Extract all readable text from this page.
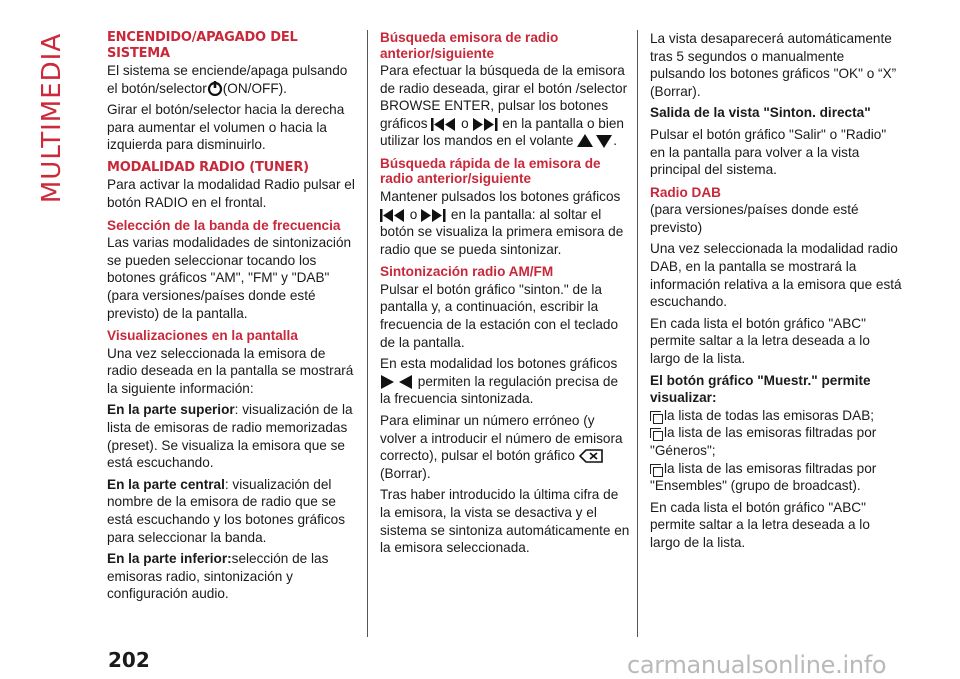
MULTIMEDIA	ENCENDIDO/APAGADO DEL SISTEMA

El sistema se enciende/apaga pulsando el botón/selector (ON/OFF).

Girar el botón/selector hacia la derecha para aumentar el volumen o hacia la izquierda para disminuirlo.

MODALIDAD RADIO (TUNER)

Para activar la modalidad Radio pulsar el botón RADIO en el frontal.

Selección de la banda de frecuencia

Las varias modalidades de sintonización se pueden seleccionar tocando los botones gráficos "AM", "FM" y "DAB" (para versiones/países donde esté previsto) de la pantalla.

Visualizaciones en la pantalla

Una vez seleccionada la emisora de radio deseada en la pantalla se mostrará la siguiente información:

En la parte superior: visualización de la lista de emisoras de radio memorizadas (preset). Se visualiza la emisora que se está escuchando.

En la parte central: visualización del nombre de la emisora de radio que se está escuchando y los botones gráficos para seleccionar la banda.

En la parte inferior:selección de las emisoras radio, sintonización y configuración audio.

Búsqueda emisora de radio anterior/siguiente

Para efectuar la búsqueda de la emisora de radio deseada, girar el botón /selector BROWSE ENTER, pulsar los botones gráficos o en la pantalla o bien utilizar los mandos en el volante	.

Búsqueda rápida de la emisora de radio anterior/siguiente

Mantener pulsados los botones gráficos
o en la pantalla: al soltar el botón se visualiza la primera emisora de radio que se pueda sintonizar.

Sintonización radio AM/FM

Pulsar el botón gráfico "sinton." de la pantalla y, a continuación, escribir la frecuencia de la estación con el teclado de la pantalla.

En esta modalidad los botones gráficos
permiten la regulación precisa de la frecuencia sintonizada.

Para eliminar un número erróneo (y volver a introducir el número de emisora correcto), pulsar el botón gráfico
(Borrar).

Tras haber introducido la última cifra de la emisora, la vista se desactiva y el sistema se sintoniza automáticamente en la emisora seleccionada.

La vista desaparecerá automáticamente tras 5 segundos o manualmente pulsando los botones gráficos "OK" o “X” (Borrar).

Salida de la vista "Sinton. directa"

Pulsar el botón gráfico "Salir" o "Radio" en la pantalla para volver a la vista principal del sistema.

Radio DAB

(para versiones/países donde esté previsto)

Una vez seleccionada la modalidad radio DAB, en la pantalla se mostrará la información relativa a la emisora que está escuchando.

En cada lista el botón gráfico "ABC" permite saltar a la letra deseada a lo largo de la lista.

El botón gráfico "Muestr." permite visualizar:

la lista de todas las emisoras DAB;

la lista de las emisoras filtradas por "Géneros";

la lista de las emisoras filtradas por "Ensembles" (grupo de broadcast).

En cada lista el botón gráfico "ABC" permite saltar a la letra deseada a lo largo de la lista.

202	carmanualsonline.info
